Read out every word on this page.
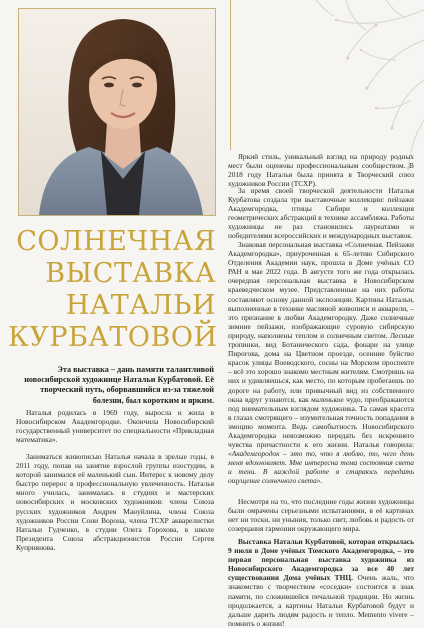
СОЛНЕЧНАЯ
ВЫСТАВКА
НАТАЛЬИ
КУРБАТОВОЙ
Эта выставка – дань памяти талантливой новосибирской художнице Натальи Курбатовой. Её творческий путь, оборвавшийся из-за тяжелой болезни, был коротким и ярким.

Наталья родилась в 1969 году, выросла и жила в Новосибирском Академгородке. Окончила Новосибирский государственный университет по специальности «Прикладная математика».

Заниматься живописью Наталья начала в зрелые годы, в 2011 году, попав на занятие взрослой группы изостудии, в которой занимался её маленький сын. Интерес к новому делу быстро перерос в профессиональную увлеченность. Наталья много училась, занималась в студиях и мастерских новосибирских и московских художников: члена Союза русских художников Андрея Мануйлина, члена Союза художников России Сони Ворона, члена ТСХР акварелистки Натальи Гудченко, в студии Олега Горохова, в школе Президента Союза абстракционистов России Сергея Куприянова.

Яркий стиль, уникальный взгляд на природу родных мест были оценены профессиональным сообществом. В 2018 году Наталья была принята в Творческий союз художников России (ТСХР).

За время своей творческой деятельности Наталья Курбатова создала три выставочные коллекции: пейзажи Академгородка, птицы Сибири и коллекция геометрических абстракций в технике ассамбляжа. Работы художницы не раз становились лауреатами и победителями всероссийских и международных выставок.

Знаковая персональная выставка «Солнечная. Пейзажи Академгородка», приуроченная к 65-летию Сибирского Отделения Академии наук, прошла в Доме учёных СО РАН в мае 2022 года. В августе того же года открылась очередная персональная выставка в Новосибирском краеведческом музее. Представленные на них работы составляют основу данной экспозиции. Картины Натальи, выполненные в технике масляной живописи и акварели, – это признание в любви Академгородку. Даже солнечные зимние пейзажи, изображающие суровую сибирскую природу, наполнены теплом и солнечным светом. Лесные тропинки, вид Ботанического сада, фонари на улице Пирогова, дома на Цветном проезде, осенние буйство красок улицы Воеводского, сосны на Морском проспекте – всё это хорошо знакомо местным жителям. Смотришь на них и удивляешься, как место, по которым пробегаешь по дороге на работу, или привычный вид из собственного окна вдруг узнаются, как маленькое чудо, преображаются под внимательным взглядом художника. Та самая красота в глазах смотрящего – изумительная точность попадания в эмоцию момента. Ведь самобытность Новосибирского Академгородка невозможно передать без искреннего чувства причастности к его жизни. Наталья говорила: «Академгородок – это то, что я люблю, то, чего день меня вдохновляет. Мне интересна тема состояния света и тени. В каждой работе я стараюсь передать ощущение солнечного света».

Несмотря на то, что последние годы жизни художницы были омрачены серьезными испытаниями, в её картинах нет ни тоски, ни уныния, только свет, любовь и радость от созерцания гармонии окружающего мира.

Выставка Натальи Курбатовой, которая открылась 9 июля в Доме учёных Томского Академгородка, – это первая персональная выставка художника из Новосибирского Академгородка за все 40 лет существования Дома учёных ТНЦ. Очень жаль, что знакомство с творчеством «соседки» состоится в знак памяти, по сложившейся печальной традиции. Но жизнь продолжается, а картины Натальи Курбатовой будут и дальше дарить людям радость и тепло. Memento vivere – помнить о жизни!
